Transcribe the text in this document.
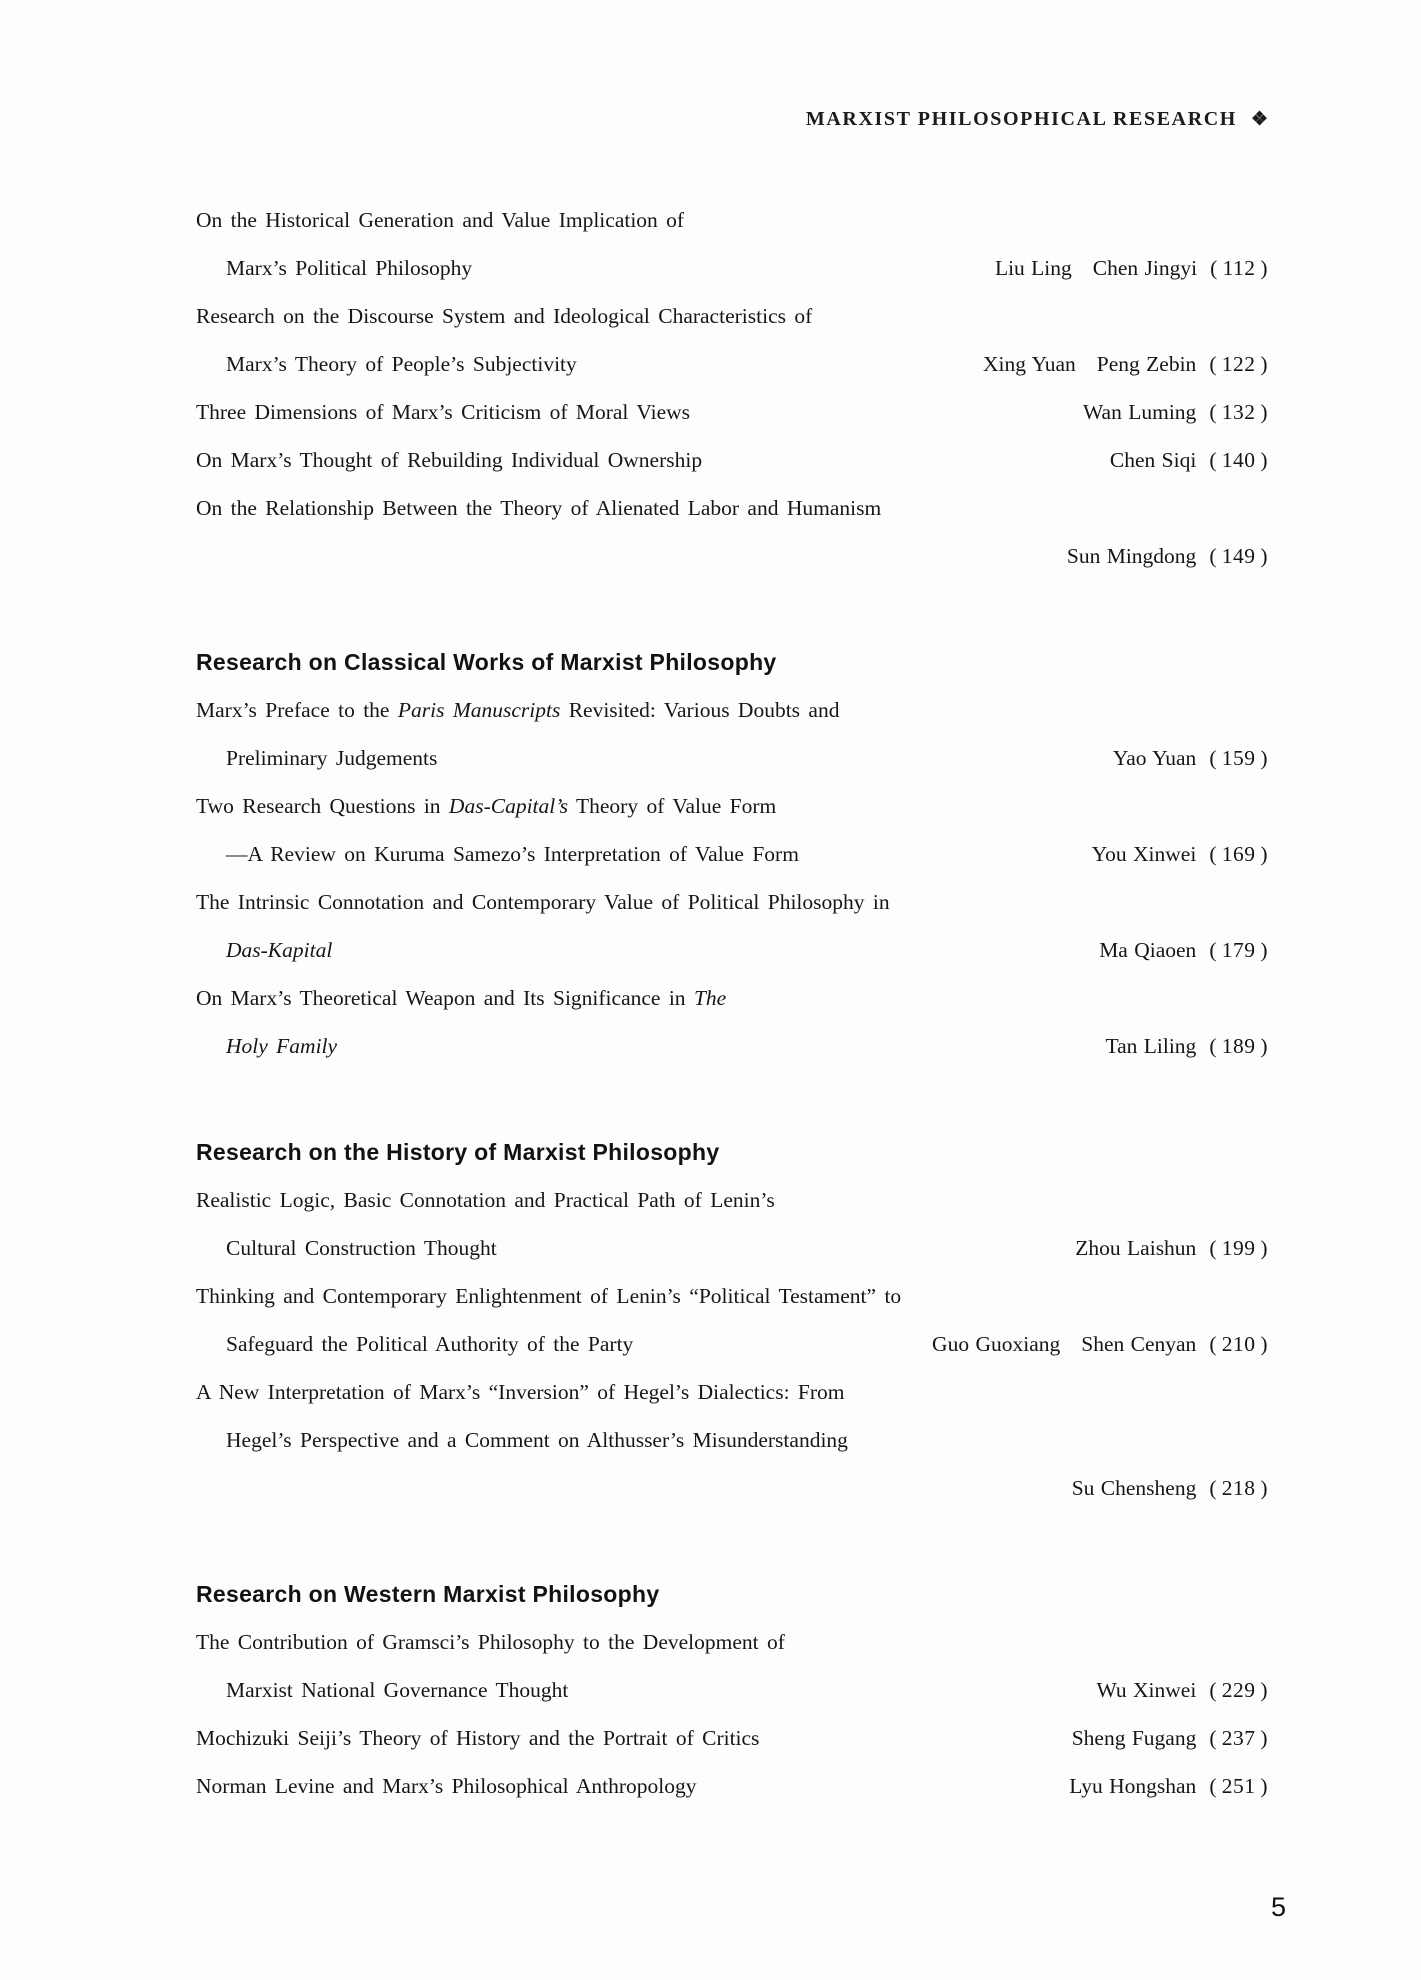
MARXIST PHILOSOPHICAL RESEARCH ❖
On the Historical Generation and Value Implication of
Marx’s Political Philosophy	Liu Ling Chen Jingyi ( 112 )
Research on the Discourse System and Ideological Characteristics of
Marx’s Theory of People’s Subjectivity	Xing Yuan Peng Zebin ( 122 )
Three Dimensions of Marx’s Criticism of Moral Views	Wan Luming ( 132 )
On Marx’s Thought of Rebuilding Individual Ownership	Chen Siqi ( 140 )
On the Relationship Between the Theory of Alienated Labor and Humanism
Sun Mingdong ( 149 )
Research on Classical Works of Marxist Philosophy
Marx’s Preface to the Paris Manuscripts Revisited: Various Doubts and
Preliminary Judgements	Yao Yuan ( 159 )
Two Research Questions in Das-Capital’s Theory of Value Form
—A Review on Kuruma Samezo’s Interpretation of Value Form	You Xinwei ( 169 )
The Intrinsic Connotation and Contemporary Value of Political Philosophy in
Das-Kapital	Ma Qiaoen ( 179 )
On Marx’s Theoretical Weapon and Its Significance in The
Holy Family	Tan Liling ( 189 )
Research on the History of Marxist Philosophy
Realistic Logic, Basic Connotation and Practical Path of Lenin’s
Cultural Construction Thought	Zhou Laishun ( 199 )
Thinking and Contemporary Enlightenment of Lenin’s “Political Testament” to
Safeguard the Political Authority of the Party	Guo Guoxiang Shen Cenyan ( 210 )
A New Interpretation of Marx’s “Inversion” of Hegel’s Dialectics: From
Hegel’s Perspective and a Comment on Althusser’s Misunderstanding
Su Chensheng ( 218 )
Research on Western Marxist Philosophy
The Contribution of Gramsci’s Philosophy to the Development of
Marxist National Governance Thought	Wu Xinwei ( 229 )
Mochizuki Seiji’s Theory of History and the Portrait of Critics	Sheng Fugang ( 237 )
Norman Levine and Marx’s Philosophical Anthropology	Lyu Hongshan ( 251 )
5
